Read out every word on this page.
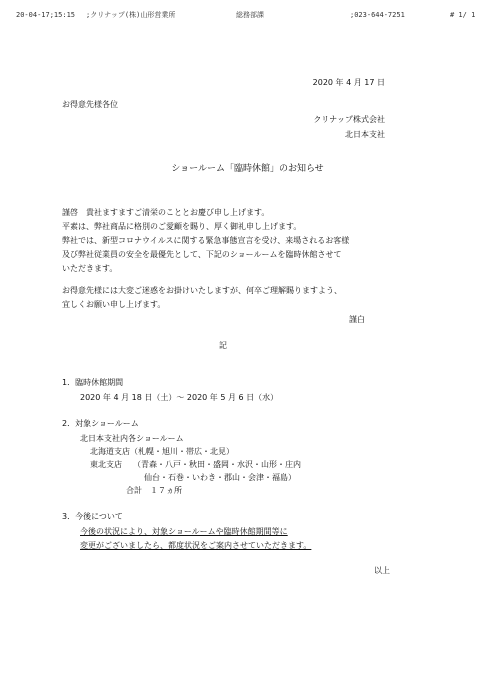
20-04-17;15:15 ;クリナップ(株)山形営業所	総務部課	;023-644-7251	# 1/ 1
2020 年 4 月 17 日
お得意先様各位
クリナップ株式会社
北日本支社
ショールーム「臨時休館」のお知らせ
謹啓　貴社ますますご清栄のこととお慶び申し上げます。
平素は、弊社商品に格別のご愛顧を賜り、厚く御礼申し上げます。
弊社では、新型コロナウイルスに関する緊急事態宣言を受け、来場されるお客様
及び弊社従業員の安全を最優先として、下記のショールームを臨時休館させて
いただきます。
お得意先様には大変ご迷惑をお掛けいたしますが、何卒ご理解賜りますよう、
宜しくお願い申し上げます。
謹白
記
1．臨時休館期間
2020 年 4 月 18 日（土）～ 2020 年 5 月 6 日（水）
2．対象ショールーム
北日本支社内各ショールーム
北海道支店（札幌・旭川・帯広・北見）
東北支店 （青森・八戸・秋田・盛岡・水沢・山形・庄内
仙台・石巻・いわき・郡山・会津・福島）
合計　１７ヵ所
3．今後について
今後の状況により、対象ショールームや臨時休館期間等に
変更がございましたら、都度状況をご案内させていただきます。
以上
